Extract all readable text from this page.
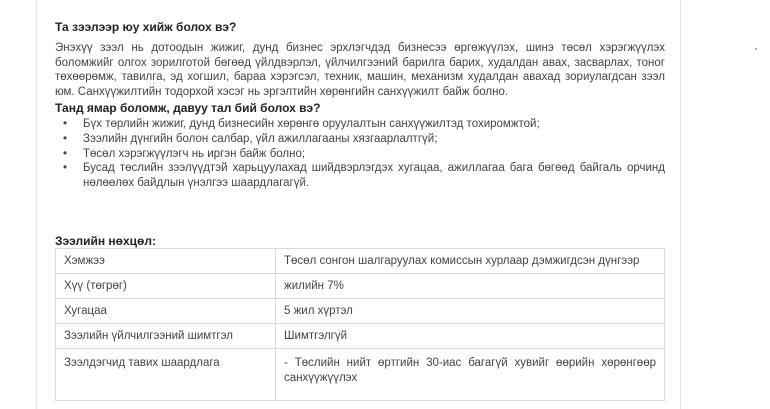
Та зээлээр юу хийж болох вэ?

Энэхүү зээл нь дотоодын жижиг, дунд бизнес эрхлэгчдэд бизнесээ өргөжүүлэх, шинэ төсөл хэрэгжүүлэх боломжийг олгох зорилготой бөгөөд үйлдвэрлэл, үйлчилгээний барилга барих, худалдан авах, засварлах, тоног төхөөрөмж, тавилга, эд хогшил, бараа хэрэгсэл, техник, машин, механизм худалдан авахад зориулагдсан зээл юм. Санхүүжилтийн тодорхой хэсэг нь эргэлтийн хөрөнгийн санхүүжилт байж болно.

Танд ямар боломж, давуу тал бий болох вэ?
• Бүх төрлийн жижиг, дунд бизнесийн хөрөнгө оруулалтын санхүүжилтэд тохиромжтой;
• Зээлийн дүнгийн болон салбар, үйл ажиллагааны хязгаарлалтгүй;
• Төсөл хэрэгжүүлэгч нь иргэн байж болно;
• Бусад төслийн зээлүүдтэй харьцуулахад шийдвэрлэгдэх хугацаа, ажиллагаа бага бөгөөд байгаль орчинд нөлөөлөх байдлын үнэлгээ шаардлагагүй.
Зээлийн нөхцөл:
Хэмжээ	Төсөл сонгон шалгаруулах комиссын хурлаар дэмжигдсэн дүнгээр
Хүү (төгрөг)	жилийн 7%
Хугацаа	5 жил хүртэл
Зээлийн үйлчилгээний шимтгэл	Шимтгэлгүй
Зээлдэгчид тавих шаардлага	- Төслийн нийт өртгийн 30-иас багагүй хувийг өөрийн хөрөнгөөр санхүүжүүлэх
